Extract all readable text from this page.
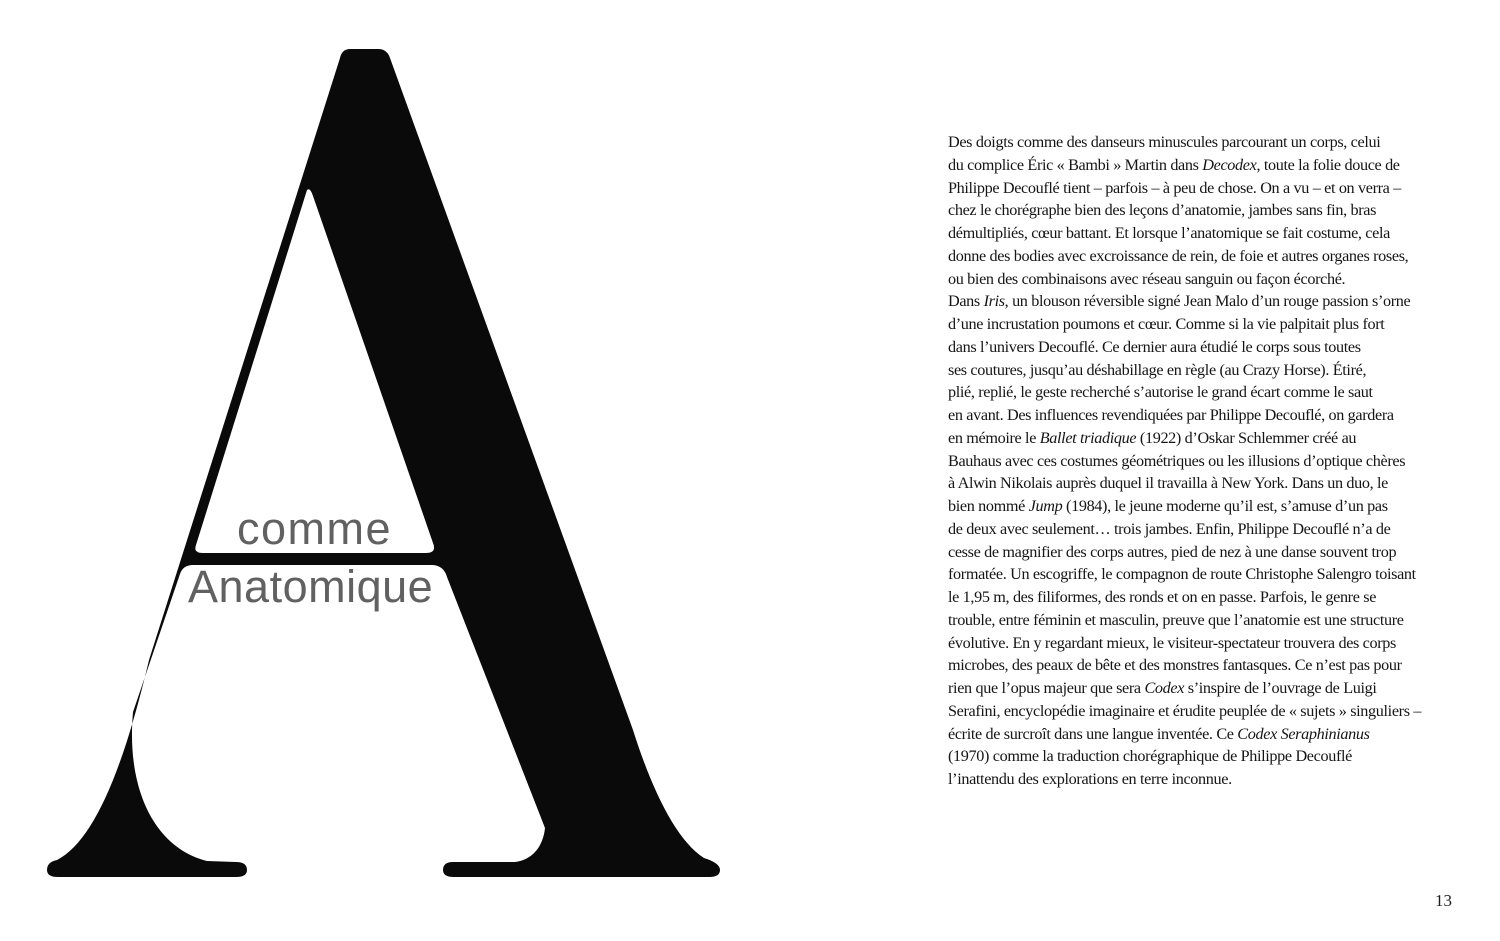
comme
Anatomique
Des doigts comme des danseurs minuscules parcourant un corps, celui
du complice Éric « Bambi » Martin dans Decodex, toute la folie douce de
Philippe Decouflé tient – parfois – à peu de chose. On a vu – et on verra –
chez le chorégraphe bien des leçons d’anatomie, jambes sans fin, bras
démultipliés, cœur battant. Et lorsque l’anatomique se fait costume, cela
donne des bodies avec excroissance de rein, de foie et autres organes roses,
ou bien des combinaisons avec réseau sanguin ou façon écorché.
Dans Iris, un blouson réversible signé Jean Malo d’un rouge passion s’orne
d’une incrustation poumons et cœur. Comme si la vie palpitait plus fort
dans l’univers Decouflé. Ce dernier aura étudié le corps sous toutes
ses coutures, jusqu’au déshabillage en règle (au Crazy Horse). Étiré,
plié, replié, le geste recherché s’autorise le grand écart comme le saut
en avant. Des influences revendiquées par Philippe Decouflé, on gardera
en mémoire le Ballet triadique (1922) d’Oskar Schlemmer créé au
Bauhaus avec ces costumes géométriques ou les illusions d’optique chères
à Alwin Nikolais auprès duquel il travailla à New York. Dans un duo, le
bien nommé Jump (1984), le jeune moderne qu’il est, s’amuse d’un pas
de deux avec seulement… trois jambes. Enfin, Philippe Decouflé n’a de
cesse de magnifier des corps autres, pied de nez à une danse souvent trop
formatée. Un escogriffe, le compagnon de route Christophe Salengro toisant
le 1,95 m, des filiformes, des ronds et on en passe. Parfois, le genre se
trouble, entre féminin et masculin, preuve que l’anatomie est une structure
évolutive. En y regardant mieux, le visiteur-spectateur trouvera des corps
microbes, des peaux de bête et des monstres fantasques. Ce n’est pas pour
rien que l’opus majeur que sera Codex s’inspire de l’ouvrage de Luigi
Serafini, encyclopédie imaginaire et érudite peuplée de « sujets » singuliers –
écrite de surcroît dans une langue inventée. Ce Codex Seraphinianus
(1970) comme la traduction chorégraphique de Philippe Decouflé
l’inattendu des explorations en terre inconnue.
13
